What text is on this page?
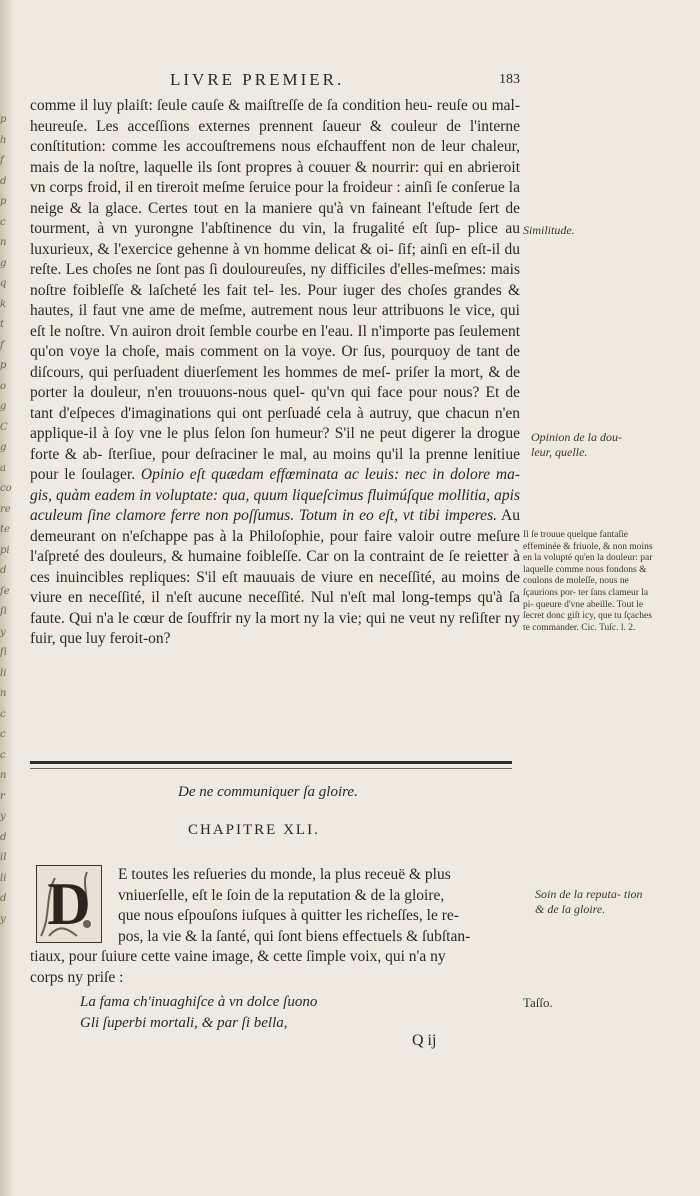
p
h
f
d
p
c
n
g
q
k
t
f
p
o
g
C
g
a
co
re
te
pi
d
ſe
ſi
y
ſi
li
n
c
c
c
n
r
y
d
il
li
d
y
LIVRE PREMIER.	183

comme il luy plaiſt: ſeule cauſe & maiſtreſſe de ſa condition heu- reuſe ou mal-heureuſe. Les acceſſions externes prennent ſaueur & couleur de l'interne conſtitution: comme les accouſtremens nous eſchauffent non de leur chaleur, mais de la noſtre, laquelle ils ſont propres à couuer & nourrir: qui en abrieroit vn corps froid, il en tireroit meſme ſeruice pour la froideur : ainſi ſe conſerue la neige & la glace. Certes tout en la maniere qu'à vn faineant l'eſtude ſert de tourment, à vn yurongne l'abſtinence du vin, la frugalité eſt ſup- plice au luxurieux, & l'exercice gehenne à vn homme delicat & oi- ſif; ainſi en eſt-il du reſte. Les choſes ne ſont pas ſi douloureuſes, ny difficiles d'elles-meſmes: mais noſtre foibleſſe & laſcheté les fait tel- les. Pour iuger des choſes grandes & hautes, il faut vne ame de meſme, autrement nous leur attribuons le vice, qui eſt le noſtre. Vn auiron droit ſemble courbe en l'eau. Il n'importe pas ſeulement qu'on voye la choſe, mais comment on la voye. Or ſus, pourquoy de tant de diſcours, qui perſuadent diuerſement les hommes de meſ- priſer la mort, & de porter la douleur, n'en trouuons-nous quel- qu'vn qui face pour nous? Et de tant d'eſpeces d'imaginations qui ont perſuadé cela à autruy, que chacun n'en applique-il à ſoy vne le plus ſelon ſon humeur? S'il ne peut digerer la drogue forte & ab- ſterſiue, pour deſraciner le mal, au moins qu'il la prenne lenitiue pour le ſoulager. Opinio eſt quædam effœminata ac leuis: nec in dolore ma- gis, quàm eadem in voluptate: qua, quum liqueſcimus fluimúſque mollitia, apis aculeum ſine clamore ferre non poſſumus. Totum in eo eſt, vt tibi imperes. Au demeurant on n'eſchappe pas à la Philoſophie, pour faire valoir outre meſure l'aſpreté des douleurs, & humaine foibleſſe. Car on la contraint de ſe reietter à ces inuincibles repliques: S'il eſt mauuais de viure en neceſſité, au moins de viure en neceſſité, il n'eſt aucune neceſſité. Nul n'eſt mal long-temps qu'à ſa faute. Qui n'a le cœur de ſouffrir ny la mort ny la vie; qui ne veut ny reſiſter ny fuir, que luy feroit-on?

Similitude.
Opinion de la dou- leur, quelle.
Il ſe trouue quelque fantaſie effeminée & friuole, & non moins en la volupté qu'en la douleur: par laquelle comme nous fondons & coulons de moleſſe, nous ne ſçaurions por- ter ſans clameur la pi- queure d'vne abeille. Tout le ſecret donc giſt icy, que tu ſçaches te commander. Cic. Tuſc. l. 2.
Soin de la reputa- tion & de la gloire.
Taſſo.
De ne communiquer ſa gloire.
CHAPITRE XLI.
E toutes les reſueries du monde, la plus receuë & plus
vniuerſelle, eſt le ſoin de la reputation & de la gloire,
que nous eſpouſons iuſques à quitter les richeſſes, le re-
pos, la vie & la ſanté, qui ſont biens effectuels & ſubſtan-
tiaux, pour ſuiure cette vaine image, & cette ſimple voix, qui n'a ny
corps ny priſe :
D
La fama ch'inuaghiſce à vn dolce ſuono
Gli ſuperbi mortali, & par ſi bella,
Q ij
